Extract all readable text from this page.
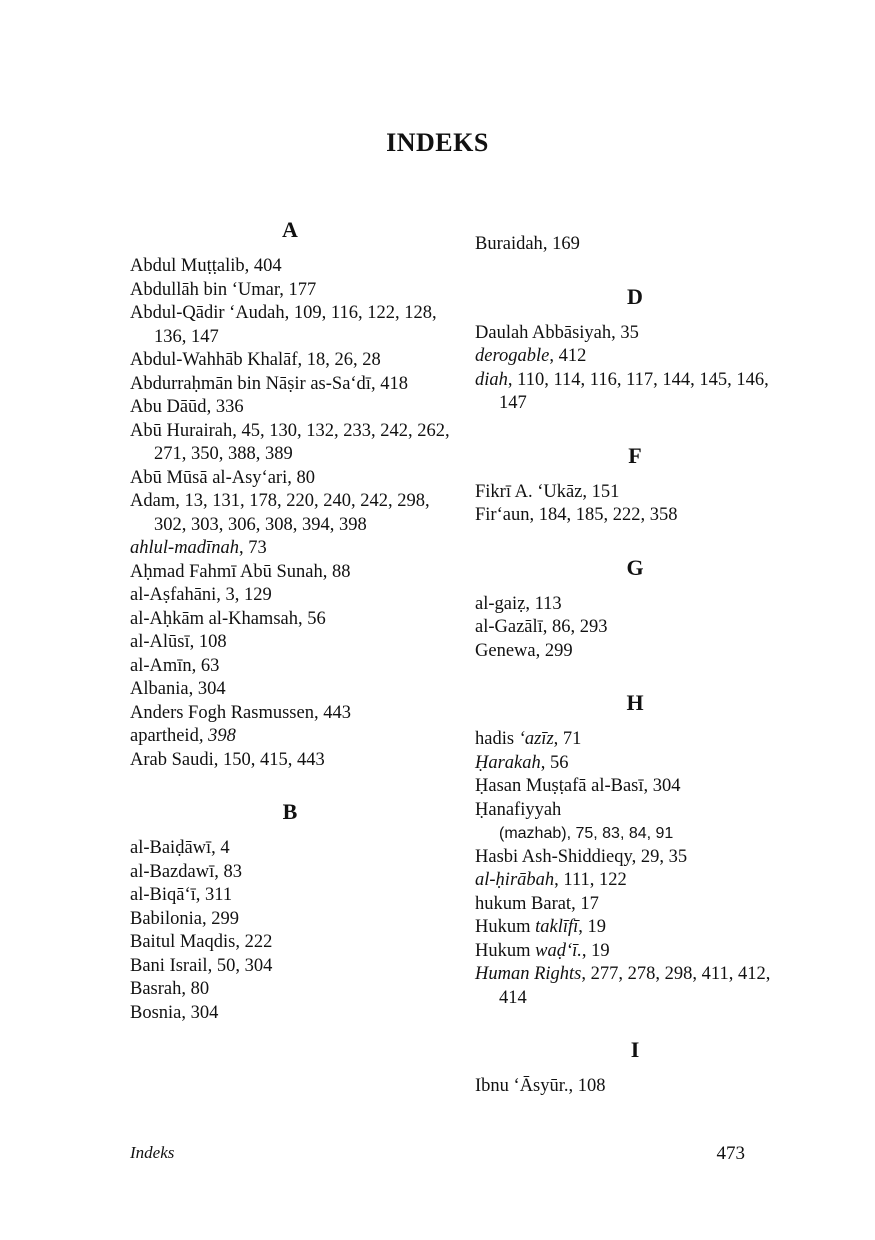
INDEKS
A
Abdul Muṭṭalib, 404
Abdullāh bin ‘Umar, 177
Abdul-Qādir ‘Audah, 109, 116, 122, 128, 136, 147
Abdul-Wahhāb Khalāf, 18, 26, 28
Abdurraḥmān bin Nāṣir as-Sa‘dī, 418
Abu Dāūd, 336
Abū Hurairah, 45, 130, 132, 233, 242, 262, 271, 350, 388, 389
Abū Mūsā al-Asy‘ari, 80
Adam, 13, 131, 178, 220, 240, 242, 298, 302, 303, 306, 308, 394, 398
ahlul-madīnah, 73
Aḥmad Fahmī Abū Sunah, 88
al-Aṣfahāni, 3, 129
al-Aḥkām al-Khamsah, 56
al-Alūsī, 108
al-Amīn, 63
Albania, 304
Anders Fogh Rasmussen, 443
apartheid, 398
Arab Saudi, 150, 415, 443
B
al-Baiḍāwī, 4
al-Bazdawī, 83
al-Biqā‘ī, 311
Babilonia, 299
Baitul Maqdis, 222
Bani Israil, 50, 304
Basrah, 80
Bosnia, 304
Buraidah, 169
D
Daulah Abbāsiyah, 35
derogable, 412
diah, 110, 114, 116, 117, 144, 145, 146, 147
F
Fikrī A. ‘Ukāz, 151
Fir‘aun, 184, 185, 222, 358
G
al-gaiẓ, 113
al-Gazālī, 86, 293
Genewa, 299
H
hadis ‘azīz, 71
Ḥarakah, 56
Ḥasan Muṣṭafā al-Basī, 304
Ḥanafiyyah
(mazhab), 75, 83, 84, 91
Hasbi Ash-Shiddieqy, 29, 35
al-ḥirābah, 111, 122
hukum Barat, 17
Hukum taklīfī, 19
Hukum waḍ‘ī., 19
Human Rights, 277, 278, 298, 411, 412, 414
I
Ibnu ‘Āsyūr., 108
Indeks	473
